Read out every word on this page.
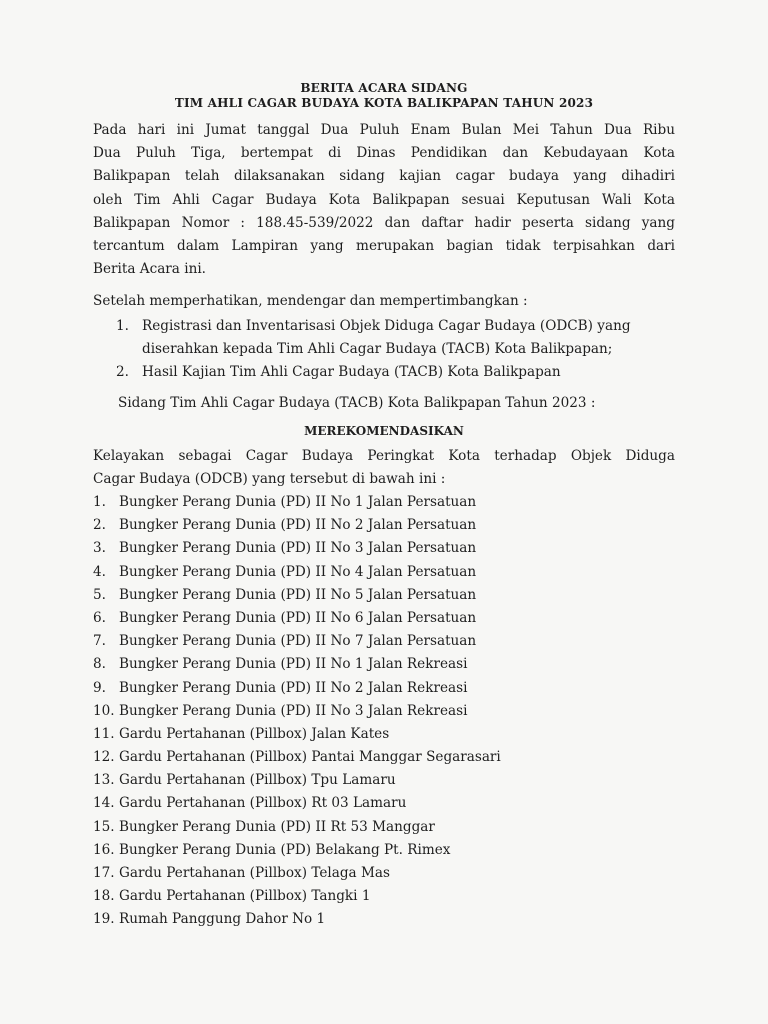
BERITA ACARA SIDANG
TIM AHLI CAGAR BUDAYA KOTA BALIKPAPAN TAHUN 2023
Pada hari ini Jumat tanggal Dua Puluh Enam Bulan Mei Tahun Dua Ribu
Dua Puluh Tiga, bertempat di Dinas Pendidikan dan Kebudayaan Kota
Balikpapan telah dilaksanakan sidang kajian cagar budaya yang dihadiri
oleh Tim Ahli Cagar Budaya Kota Balikpapan sesuai Keputusan Wali Kota
Balikpapan Nomor : 188.45-539/2022 dan daftar hadir peserta sidang yang
tercantum dalam Lampiran yang merupakan bagian tidak terpisahkan dari
Berita Acara ini.
Setelah memperhatikan, mendengar dan mempertimbangkan :
1. Registrasi dan Inventarisasi Objek Diduga Cagar Budaya (ODCB) yang
diserahkan kepada Tim Ahli Cagar Budaya (TACB) Kota Balikpapan;
2. Hasil Kajian Tim Ahli Cagar Budaya (TACB) Kota Balikpapan
Sidang Tim Ahli Cagar Budaya (TACB) Kota Balikpapan Tahun 2023 :
MEREKOMENDASIKAN
Kelayakan sebagai Cagar Budaya Peringkat Kota terhadap Objek Diduga
Cagar Budaya (ODCB) yang tersebut di bawah ini :
1. Bungker Perang Dunia (PD) II No 1 Jalan Persatuan
2. Bungker Perang Dunia (PD) II No 2 Jalan Persatuan
3. Bungker Perang Dunia (PD) II No 3 Jalan Persatuan
4. Bungker Perang Dunia (PD) II No 4 Jalan Persatuan
5. Bungker Perang Dunia (PD) II No 5 Jalan Persatuan
6. Bungker Perang Dunia (PD) II No 6 Jalan Persatuan
7. Bungker Perang Dunia (PD) II No 7 Jalan Persatuan
8. Bungker Perang Dunia (PD) II No 1 Jalan Rekreasi
9. Bungker Perang Dunia (PD) II No 2 Jalan Rekreasi
10. Bungker Perang Dunia (PD) II No 3 Jalan Rekreasi
11. Gardu Pertahanan (Pillbox) Jalan Kates
12. Gardu Pertahanan (Pillbox) Pantai Manggar Segarasari
13. Gardu Pertahanan (Pillbox) Tpu Lamaru
14. Gardu Pertahanan (Pillbox) Rt 03 Lamaru
15. Bungker Perang Dunia (PD) II Rt 53 Manggar
16. Bungker Perang Dunia (PD) Belakang Pt. Rimex
17. Gardu Pertahanan (Pillbox) Telaga Mas
18. Gardu Pertahanan (Pillbox) Tangki 1
19. Rumah Panggung Dahor No 1
